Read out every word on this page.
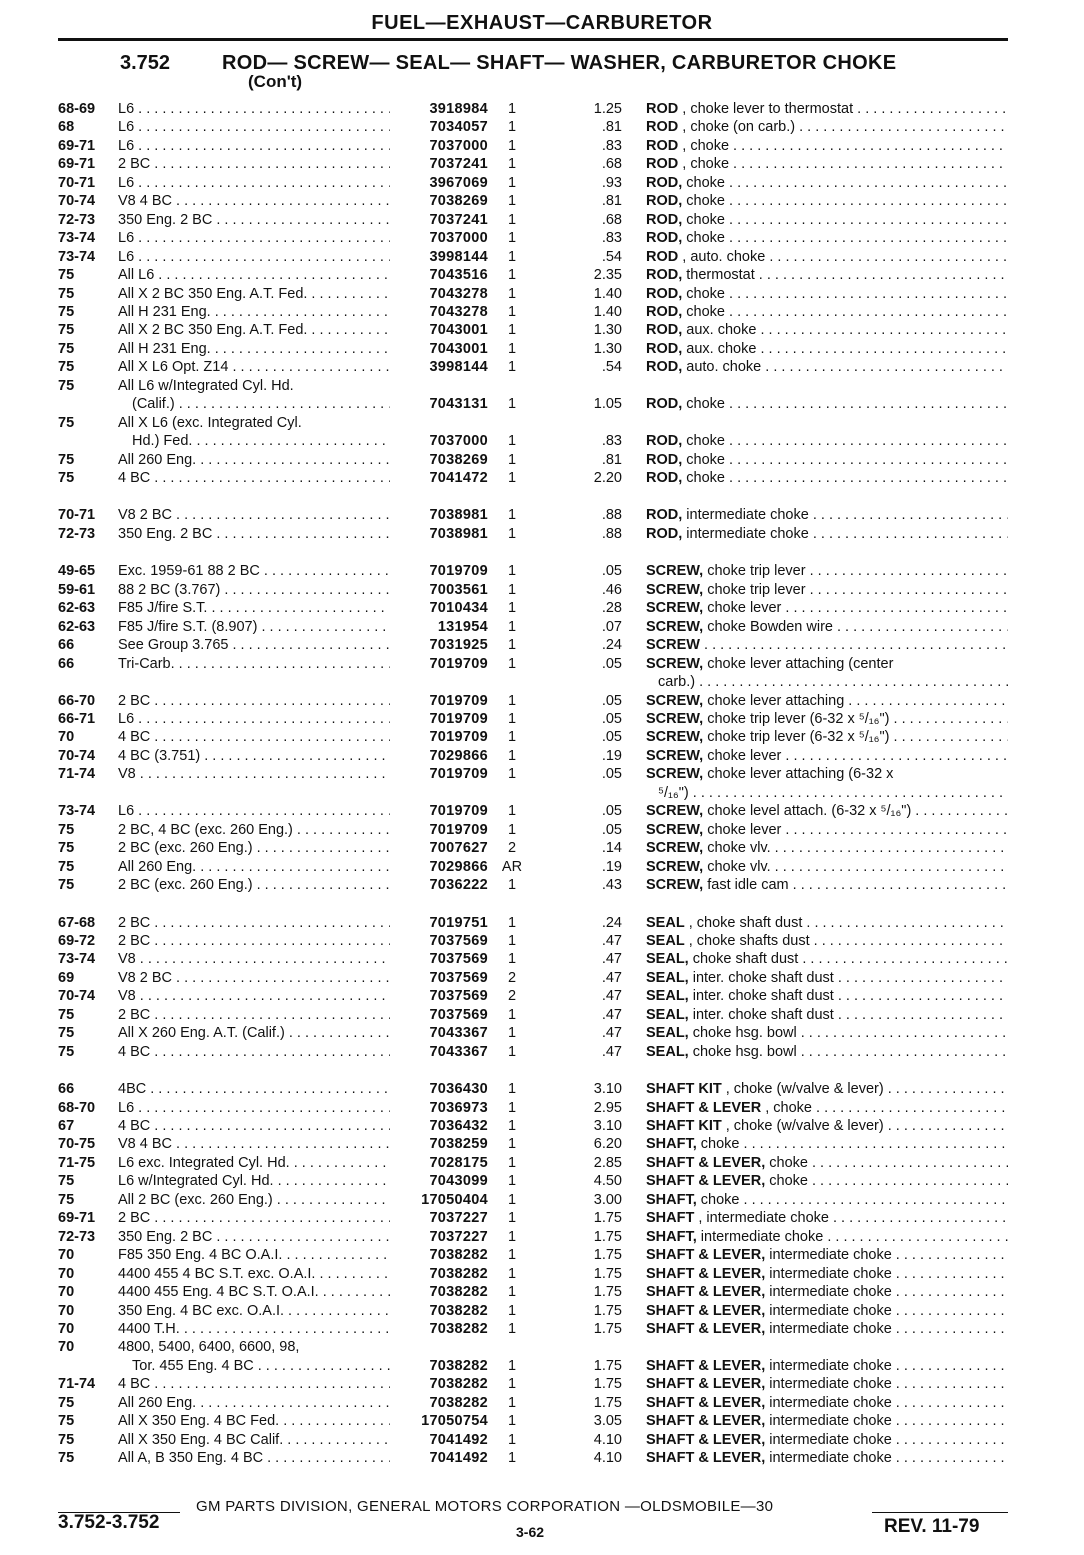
FUEL—EXHAUST—CARBURETOR
3.752	ROD— SCREW— SEAL— SHAFT— WASHER, CARBURETOR CHOKE
(Con't)
68-69 L6 . . .	3918984	1	1.25 ROD , choke lever to thermostat . . .
68	L6 . . .	7034057	1	.81 ROD , choke (on carb.) . . .
69-71 L6 . . .	7037000	1	.83 ROD , choke . . .
69-71 2 BC . . .	7037241	1	.68 ROD , choke . . .
70-71 L6 . . .	3967069	1	.93 ROD, choke . . .
70-74 V8 4 BC . . .	7038269	1	.81 ROD, choke . . .
72-73 350 Eng. 2 BC . . .	7037241	1	.68 ROD, choke . . .
73-74 L6 . . .	7037000	1	.83 ROD, choke . . .
73-74 L6 . . .	3998144	1	.54 ROD , auto. choke . . .
75	All L6 . . .	7043516	1	2.35 ROD, thermostat . . .
75	All X 2 BC 350 Eng. A.T. Fed. . . .	7043278	1	1.40 ROD, choke . . .
75	All H 231 Eng. . . .	7043278	1	1.40 ROD, choke . . .
75	All X 2 BC 350 Eng. A.T. Fed. . . .	7043001	1	1.30 ROD, aux. choke . . .
75	All H 231 Eng. . . .	7043001	1	1.30 ROD, aux. choke . . .
75	All X L6 Opt. Z14 . . .	3998144	1	.54 ROD, auto. choke . . .
75	All L6 w/Integrated Cyl. Hd.
(Calif.) . . .	7043131	1	1.05 ROD, choke . . .
75	All X L6 (exc. Integrated Cyl.
Hd.) Fed. . . .	7037000	1	.83 ROD, choke . . .
75	All 260 Eng. . . .	7038269	1	.81 ROD, choke . . .
75	4 BC . . .	7041472	1	2.20 ROD, choke . . .
70-71 V8 2 BC . . .	7038981	1	.88 ROD, intermediate choke . . .
72-73 350 Eng. 2 BC . . .	7038981	1	.88 ROD, intermediate choke . . .
49-65 Exc. 1959-61 88 2 BC . . .	7019709	1	.05 SCREW, choke trip lever . . .
59-61 88 2 BC (3.767) . . .	7003561	1	.46 SCREW, choke trip lever . . .
62-63 F85 J/fire S.T. . . .	7010434	1	.28 SCREW, choke lever . . .
62-63 F85 J/fire S.T. (8.907) . . .	131954	1	.07 SCREW, choke Bowden wire . . .
66	See Group 3.765 . . .	7031925	1	.24 SCREW . . .
66	Tri-Carb. . . .	7019709	1	.05 SCREW, choke lever attaching (center
carb.) . . .
66-70 2 BC . . .	7019709	1	.05 SCREW, choke lever attaching . . .
66-71 L6 . . .	7019709	1	.05 SCREW, choke trip lever (6-32 x ⁵/₁₆") . . .
70	4 BC . . .	7019709	1	.05 SCREW, choke trip lever (6-32 x ⁵/₁₆") . . .
70-74 4 BC (3.751) . . .	7029866	1	.19 SCREW, choke lever . . .
71-74 V8 . . .	7019709	1	.05 SCREW, choke lever attaching (6-32 x
⁵/₁₆") . . .
73-74 L6 . . .	7019709	1	.05 SCREW, choke level attach. (6-32 x ⁵/₁₆") . . .
75	2 BC, 4 BC (exc. 260 Eng.) . . .	7019709	1	.05 SCREW, choke lever . . .
75	2 BC (exc. 260 Eng.) . . .	7007627	2	.14 SCREW, choke vlv. . . .
75	All 260 Eng. . . .	7029866 AR	.19 SCREW, choke vlv. . . .
75	2 BC (exc. 260 Eng.) . . .	7036222	1	.43 SCREW, fast idle cam . . .
67-68 2 BC . . .	7019751	1	.24 SEAL , choke shaft dust . . .
69-72 2 BC . . .	7037569	1	.47 SEAL , choke shafts dust . . .
73-74 V8 . . .	7037569	1	.47 SEAL, choke shaft dust . . .
69	V8 2 BC . . .	7037569	2	.47 SEAL, inter. choke shaft dust . . .
70-74 V8 . . .	7037569	2	.47 SEAL, inter. choke shaft dust . . .
75	2 BC . . .	7037569	1	.47 SEAL, inter. choke shaft dust . . .
75	All X 260 Eng. A.T. (Calif.) . . .	7043367	1	.47 SEAL, choke hsg. bowl . . .
75	4 BC . . .	7043367	1	.47 SEAL, choke hsg. bowl . . .
66	4BC . . .	7036430	1	3.10 SHAFT KIT , choke (w/valve & lever) . . .
68-70 L6 . . .	7036973	1	2.95 SHAFT & LEVER , choke . . .
67	4 BC . . .	7036432	1	3.10 SHAFT KIT , choke (w/valve & lever) . . .
70-75 V8 4 BC . . .	7038259	1	6.20 SHAFT, choke . . .
71-75 L6 exc. Integrated Cyl. Hd. . . .	7028175	1	2.85 SHAFT & LEVER, choke . . .
75	L6 w/Integrated Cyl. Hd. . . .	7043099	1	4.50 SHAFT & LEVER, choke . . .
75	All 2 BC (exc. 260 Eng.) . . .	17050404	1	3.00 SHAFT, choke . . .
69-71 2 BC . . .	7037227	1	1.75 SHAFT , intermediate choke . . .
72-73 350 Eng. 2 BC . . .	7037227	1	1.75 SHAFT, intermediate choke . . .
70	F85 350 Eng. 4 BC O.A.I. . . .	7038282	1	1.75 SHAFT & LEVER, intermediate choke . . .
70	4400 455 4 BC S.T. exc. O.A.I. . . .	7038282	1	1.75 SHAFT & LEVER, intermediate choke . . .
70	4400 455 Eng. 4 BC S.T. O.A.I. . . .	7038282	1	1.75 SHAFT & LEVER, intermediate choke . . .
70	350 Eng. 4 BC exc. O.A.I. . . .	7038282	1	1.75 SHAFT & LEVER, intermediate choke . . .
70	4400 T.H. . . .	7038282	1	1.75 SHAFT & LEVER, intermediate choke . . .
70	4800, 5400, 6400, 6600, 98,
Tor. 455 Eng. 4 BC . . .	7038282	1	1.75 SHAFT & LEVER, intermediate choke . . .
71-74 4 BC . . .	7038282	1	1.75 SHAFT & LEVER, intermediate choke . . .
75	All 260 Eng. . . .	7038282	1	1.75 SHAFT & LEVER, intermediate choke . . .
75	All X 350 Eng. 4 BC Fed. . . .	17050754	1	3.05 SHAFT & LEVER, intermediate choke . . .
75	All X 350 Eng. 4 BC Calif. . . .	7041492	1	4.10 SHAFT & LEVER, intermediate choke . . .
75	All A, B 350 Eng. 4 BC . . .	7041492	1	4.10 SHAFT & LEVER, intermediate choke . . .
GM PARTS DIVISION, GENERAL MOTORS CORPORATION —OLDSMOBILE—30
3.752-3.752	3-62	REV. 11-79
